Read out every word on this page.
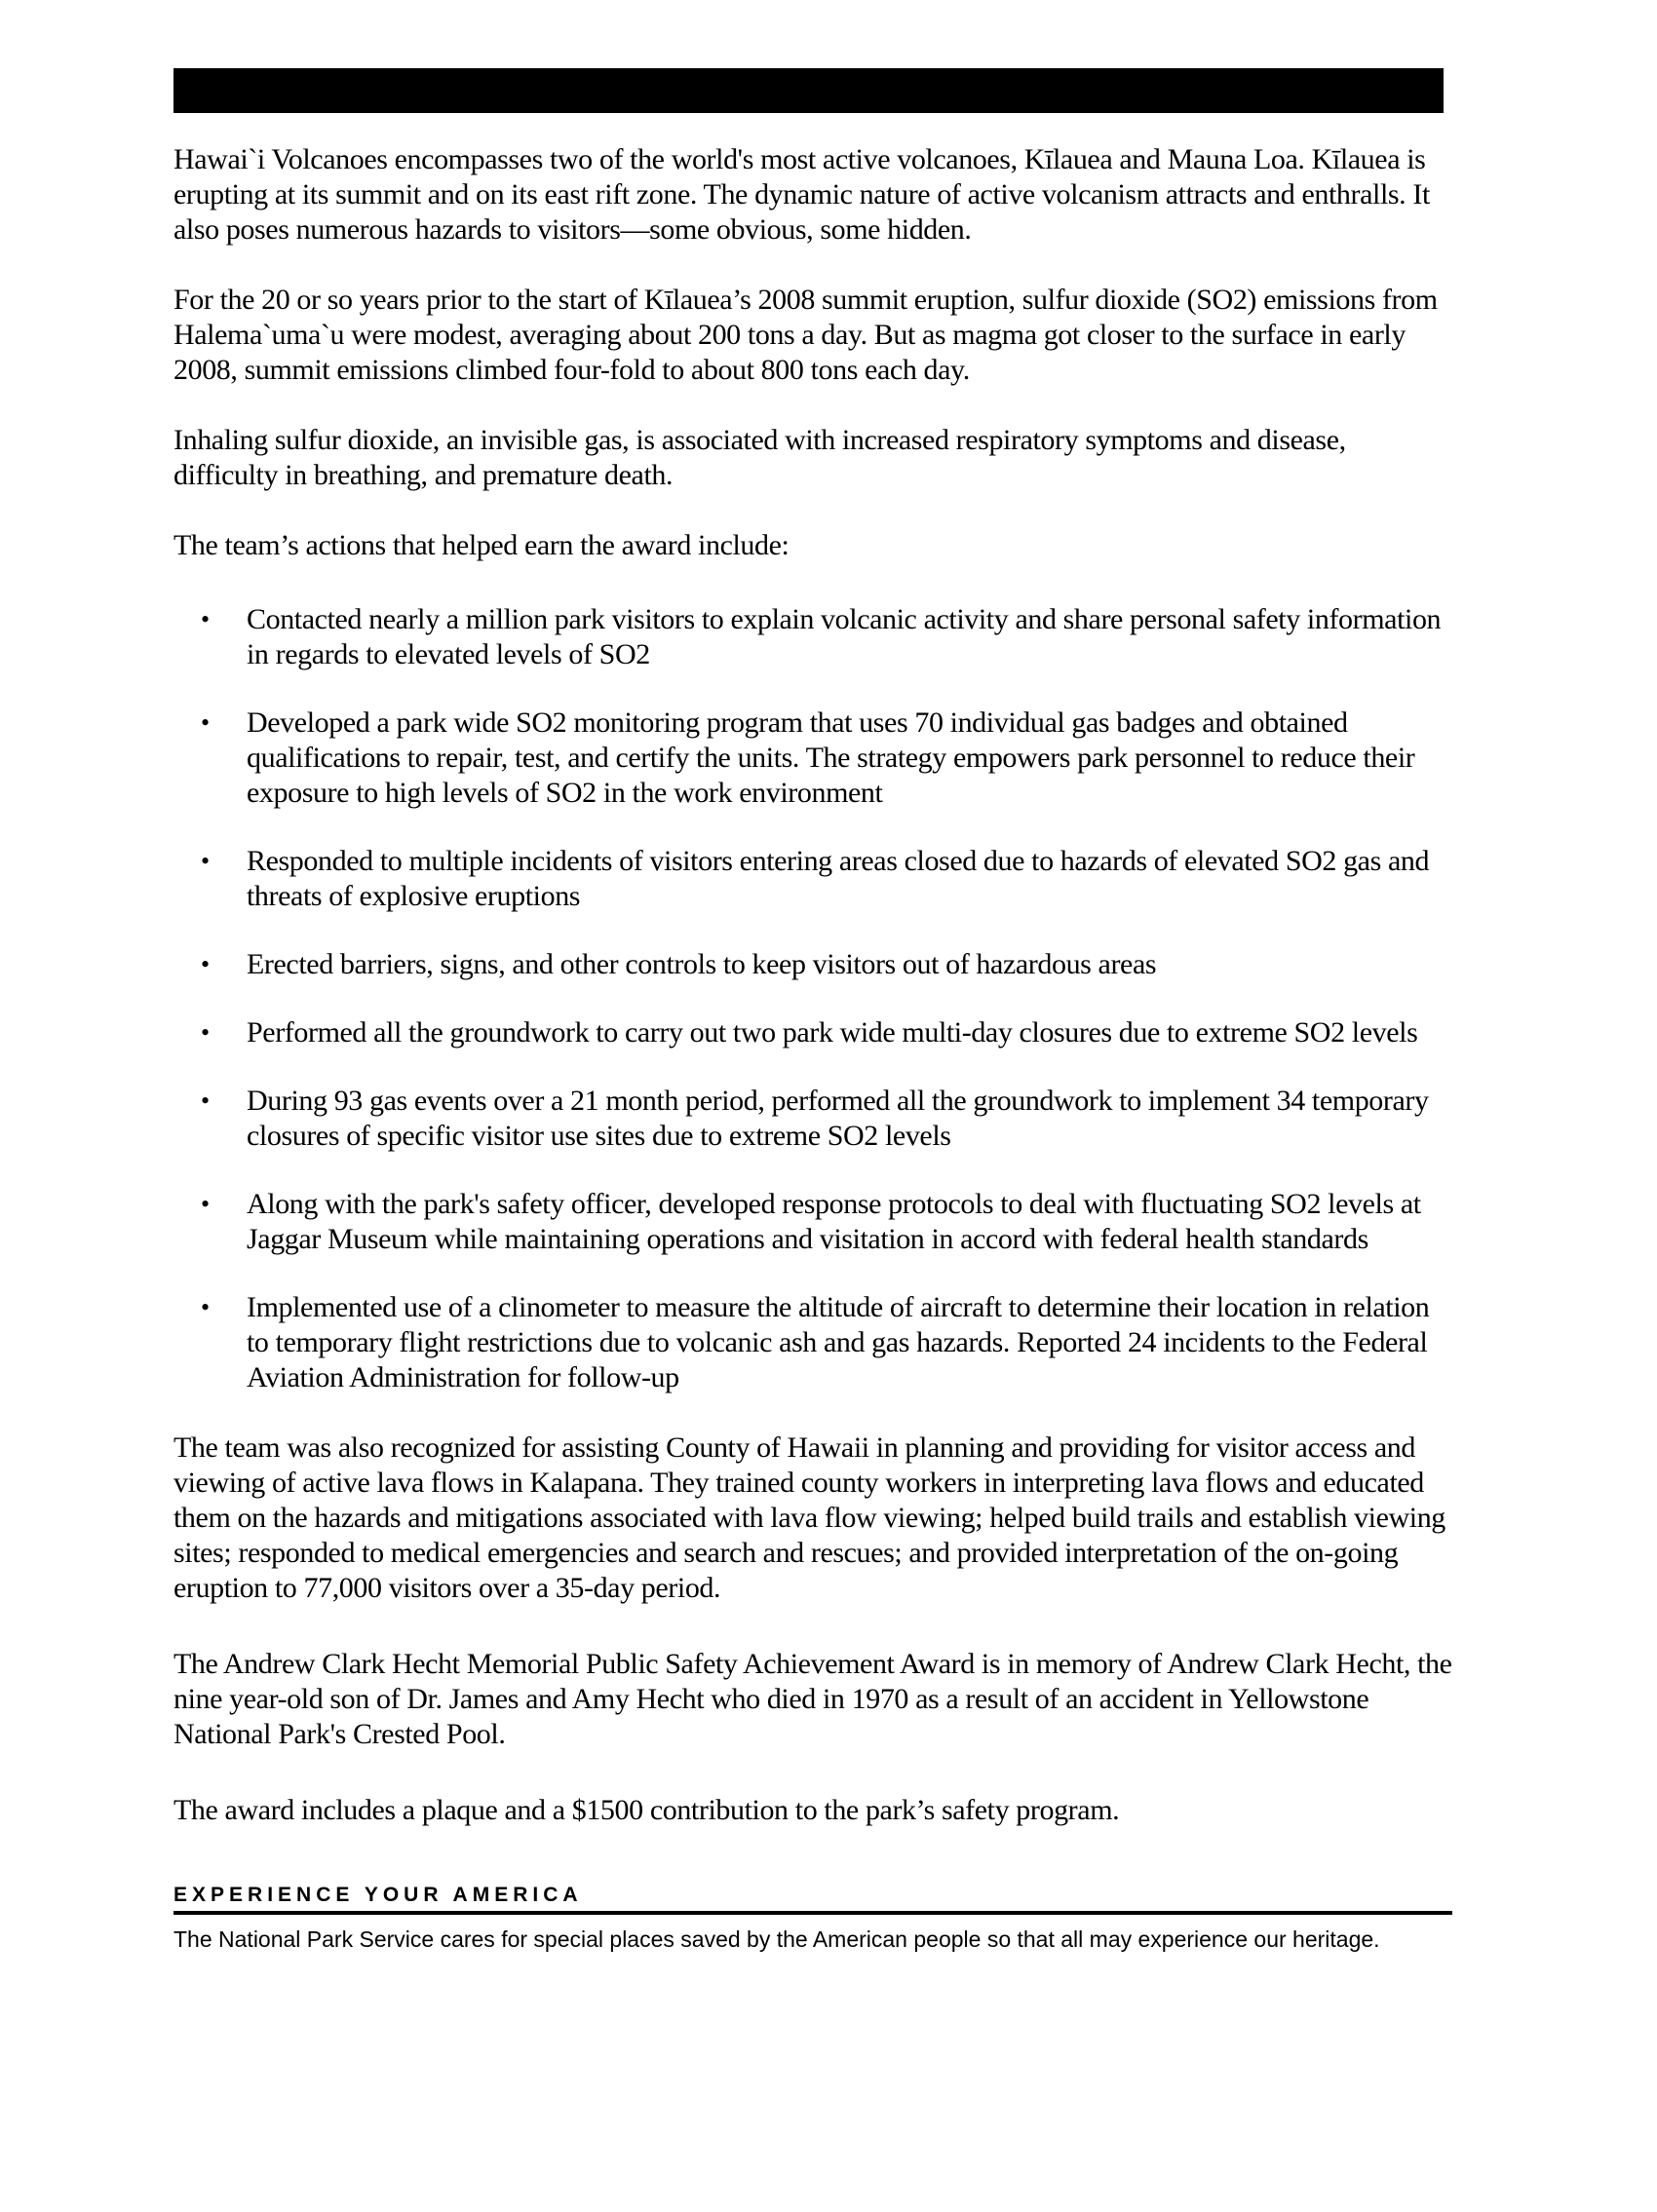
Hawai`i Volcanoes encompasses two of the world's most active volcanoes, Kīlauea and Mauna Loa. Kīlauea is erupting at its summit and on its east rift zone. The dynamic nature of active volcanism attracts and enthralls. It also poses numerous hazards to visitors—some obvious, some hidden.

For the 20 or so years prior to the start of Kīlauea’s 2008 summit eruption, sulfur dioxide (SO2) emissions from Halema`uma`u were modest, averaging about 200 tons a day. But as magma got closer to the surface in early 2008, summit emissions climbed four-fold to about 800 tons each day.

Inhaling sulfur dioxide, an invisible gas, is associated with increased respiratory symptoms and disease, difficulty in breathing, and premature death.

The team’s actions that helped earn the award include:

• Contacted nearly a million park visitors to explain volcanic activity and share personal safety information in regards to elevated levels of SO2
• Developed a park wide SO2 monitoring program that uses 70 individual gas badges and obtained qualifications to repair, test, and certify the units. The strategy empowers park personnel to reduce their exposure to high levels of SO2 in the work environment
• Responded to multiple incidents of visitors entering areas closed due to hazards of elevated SO2 gas and threats of explosive eruptions
• Erected barriers, signs, and other controls to keep visitors out of hazardous areas
• Performed all the groundwork to carry out two park wide multi-day closures due to extreme SO2 levels
• During 93 gas events over a 21 month period, performed all the groundwork to implement 34 temporary closures of specific visitor use sites due to extreme SO2 levels
• Along with the park's safety officer, developed response protocols to deal with fluctuating SO2 levels at Jaggar Museum while maintaining operations and visitation in accord with federal health standards
• Implemented use of a clinometer to measure the altitude of aircraft to determine their location in relation to temporary flight restrictions due to volcanic ash and gas hazards. Reported 24 incidents to the Federal Aviation Administration for follow-up

The team was also recognized for assisting County of Hawaii in planning and providing for visitor access and viewing of active lava flows in Kalapana. They trained county workers in interpreting lava flows and educated them on the hazards and mitigations associated with lava flow viewing; helped build trails and establish viewing sites; responded to medical emergencies and search and rescues; and provided interpretation of the on-going eruption to 77,000 visitors over a 35-day period.

The Andrew Clark Hecht Memorial Public Safety Achievement Award is in memory of Andrew Clark Hecht, the nine year-old son of Dr. James and Amy Hecht who died in 1970 as a result of an accident in Yellowstone National Park's Crested Pool.

The award includes a plaque and a $1500 contribution to the park’s safety program.

EXPERIENCE YOUR AMERICA
The National Park Service cares for special places saved by the American people so that all may experience our heritage.
